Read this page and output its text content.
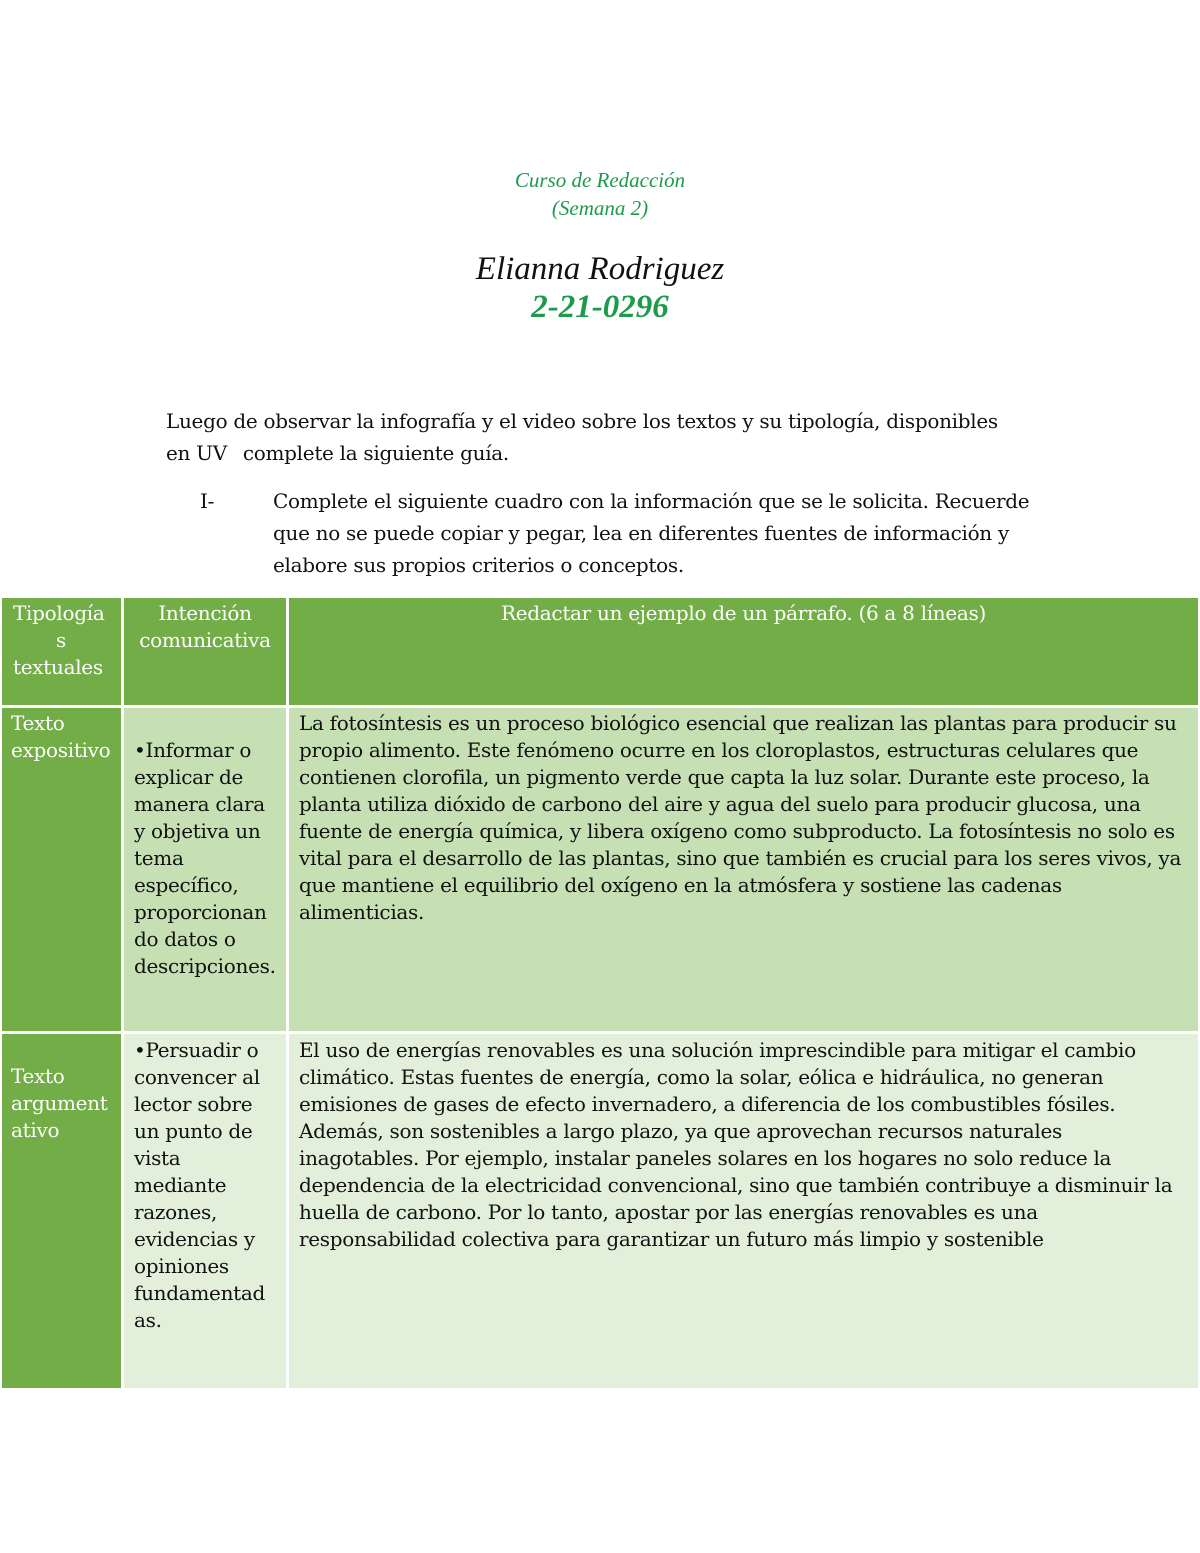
Curso de Redacción
(Semana 2)
Elianna Rodriguez
2-21-0296
Luego de observar la infografía y el video sobre los textos y su tipología, disponibles
en UV complete la siguiente guía.
I-	Complete el siguiente cuadro con la información que se le solicita. Recuerde
que no se puede copiar y pegar, lea en diferentes fuentes de información y
elabore sus propios criterios o conceptos.
Tipología
s
textuales
Intención
comunicativa
Redactar un ejemplo de un párrafo. (6 a 8 líneas)
Texto
expositivo	•Informar o
explicar de
manera clara
y objetiva un
tema
específico,
proporcionan
do datos o
descripciones.
La fotosíntesis es un proceso biológico esencial que realizan las plantas para producir su
propio alimento. Este fenómeno ocurre en los cloroplastos, estructuras celulares que
contienen clorofila, un pigmento verde que capta la luz solar. Durante este proceso, la
planta utiliza dióxido de carbono del aire y agua del suelo para producir glucosa, una
fuente de energía química, y libera oxígeno como subproducto. La fotosíntesis no solo es
vital para el desarrollo de las plantas, sino que también es crucial para los seres vivos, ya
que mantiene el equilibrio del oxígeno en la atmósfera y sostiene las cadenas
alimenticias.
Texto
argument
ativo
•Persuadir o
convencer al
lector sobre
un punto de
vista
mediante
razones,
evidencias y
opiniones
fundamentad
as.
El uso de energías renovables es una solución imprescindible para mitigar el cambio
climático. Estas fuentes de energía, como la solar, eólica e hidráulica, no generan
emisiones de gases de efecto invernadero, a diferencia de los combustibles fósiles.
Además, son sostenibles a largo plazo, ya que aprovechan recursos naturales
inagotables. Por ejemplo, instalar paneles solares en los hogares no solo reduce la
dependencia de la electricidad convencional, sino que también contribuye a disminuir la
huella de carbono. Por lo tanto, apostar por las energías renovables es una
responsabilidad colectiva para garantizar un futuro más limpio y sostenible
